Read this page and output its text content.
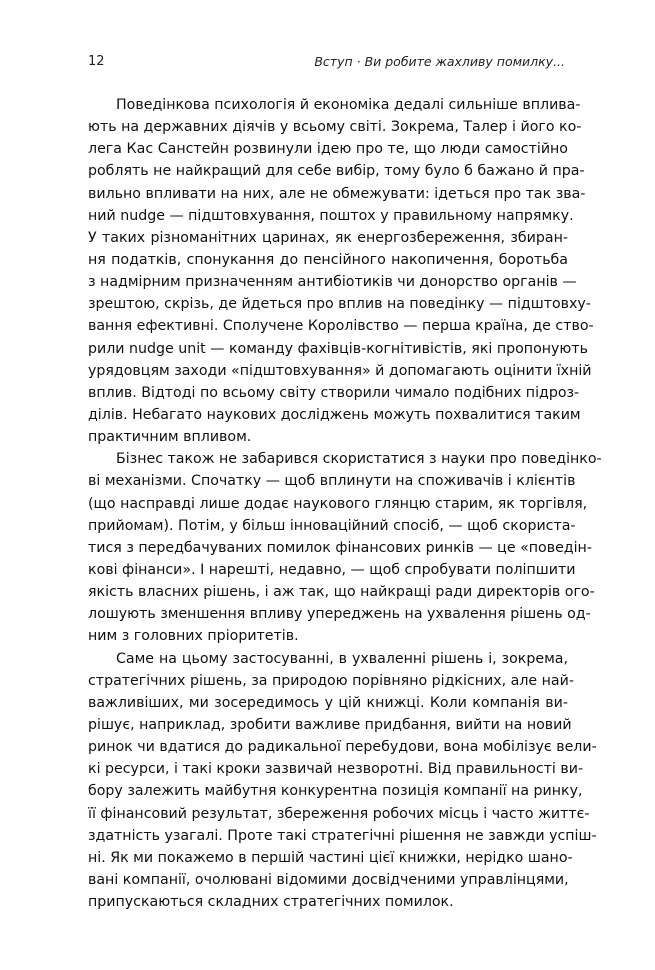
12	Вступ · Ви робите жахливу помилку...
Поведінкова психологія й економіка дедалі сильніше вплива-
ють на державних діячів у всьому світі. Зокрема, Талер і його ко-
лега Кас Санстейн розвинули ідею про те, що люди самостійно
роблять не найкращий для себе вибір, тому було б бажано й пра-
вильно впливати на них, але не обмежувати: ідеться про так зва-
ний nudge — підштовхування, поштох у правильному напрямку.
У таких різноманітних царинах, як енергозбереження, збиран-
ня податків, спонукання до пенсійного накопичення, боротьба
з надмірним призначенням антибіотиків чи донорство органів —
зрештою, скрізь, де йдеться про вплив на поведінку — підштовху-
вання ефективні. Сполучене Королівство — перша країна, де ство-
рили nudge unit — команду фахівців-когнітивістів, які пропонують
урядовцям заходи «підштовхування» й допомагають оцінити їхній
вплив. Відтоді по всьому світу створили чимало подібних підроз-
ділів. Небагато наукових досліджень можуть похвалитися таким
практичним впливом.
Бізнес також не забарився скористатися з науки про поведінко-
ві механізми. Спочатку — щоб вплинути на споживачів і клієнтів
(що насправді лише додає наукового глянцю старим, як торгівля,
прийомам). Потім, у більш інноваційний спосіб, — щоб скориста-
тися з передбачуваних помилок фінансових ринків — це «поведін-
кові фінанси». І нарешті, недавно, — щоб спробувати поліпшити
якість власних рішень, і аж так, що найкращі ради директорів ого-
лошують зменшення впливу упереджень на ухвалення рішень од-
ним з головних пріоритетів.
Саме на цьому застосуванні, в ухваленні рішень і, зокрема,
стратегічних рішень, за природою порівняно рідкісних, але най-
важливіших, ми зосередимось у цій книжці. Коли компанія ви-
рішує, наприклад, зробити важливе придбання, вийти на новий
ринок чи вдатися до радикальної перебудови, вона мобілізує вели-
кі ресурси, і такі кроки зазвичай незворотні. Від правильності ви-
бору залежить майбутня конкурентна позиція компанії на ринку,
її фінансовий результат, збереження робочих місць і часто життє-
здатність узагалі. Проте такі стратегічні рішення не завжди успіш-
ні. Як ми покажемо в першій частині цієї книжки, нерідко шано-
вані компанії, очолювані відомими досвідченими управлінцями,
припускаються складних стратегічних помилок.
